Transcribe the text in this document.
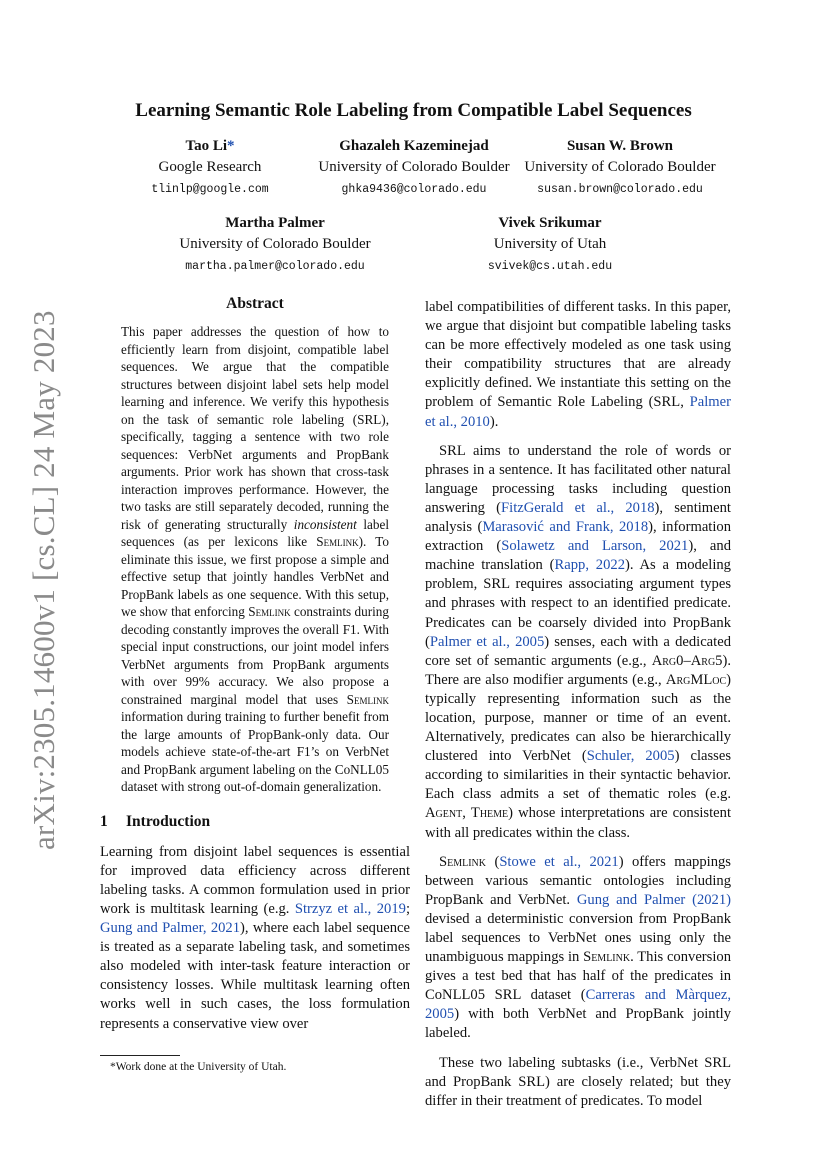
arXiv:2305.14600v1 [cs.CL] 24 May 2023
Learning Semantic Role Labeling from Compatible Label Sequences
Tao Li*
Google Research
tlinlp@google.com
Ghazaleh Kazeminejad
University of Colorado Boulder
ghka9436@colorado.edu
Susan W. Brown
University of Colorado Boulder
susan.brown@colorado.edu
Martha Palmer
University of Colorado Boulder
martha.palmer@colorado.edu
Vivek Srikumar
University of Utah
svivek@cs.utah.edu
Abstract

This paper addresses the question of how to efficiently learn from disjoint, compatible label sequences. We argue that the compatible structures between disjoint label sets help model learning and inference. We verify this hypothesis on the task of semantic role labeling (SRL), specifically, tagging a sentence with two role sequences: VerbNet arguments and PropBank arguments. Prior work has shown that cross-task interaction improves performance. However, the two tasks are still separately decoded, running the risk of generating structurally inconsistent label sequences (as per lexicons like Semlink). To eliminate this issue, we first propose a simple and effective setup that jointly handles VerbNet and PropBank labels as one sequence. With this setup, we show that enforcing Semlink constraints during decoding constantly improves the overall F1. With special input constructions, our joint model infers VerbNet arguments from PropBank arguments with over 99% accuracy. We also propose a constrained marginal model that uses Semlink information during training to further benefit from the large amounts of PropBank-only data. Our models achieve state-of-the-art F1’s on VerbNet and PropBank argument labeling on the CoNLL05 dataset with strong out-of-domain generalization.

1 Introduction

Learning from disjoint label sequences is essential for improved data efficiency across different labeling tasks. A common formulation used in prior work is multitask learning (e.g. Strzyz et al., 2019; Gung and Palmer, 2021), where each label sequence is treated as a separate labeling task, and sometimes also modeled with inter-task feature interaction or consistency losses. While multitask learning often works well in such cases, the loss formulation represents a conservative view over

label compatibilities of different tasks. In this paper, we argue that disjoint but compatible labeling tasks can be more effectively modeled as one task using their compatibility structures that are already explicitly defined. We instantiate this setting on the problem of Semantic Role Labeling (SRL, Palmer et al., 2010).

SRL aims to understand the role of words or phrases in a sentence. It has facilitated other natural language processing tasks including question answering (FitzGerald et al., 2018), sentiment analysis (Marasović and Frank, 2018), information extraction (Solawetz and Larson, 2021), and machine translation (Rapp, 2022). As a modeling problem, SRL requires associating argument types and phrases with respect to an identified predicate. Predicates can be coarsely divided into PropBank (Palmer et al., 2005) senses, each with a dedicated core set of semantic arguments (e.g., Arg0–Arg5). There are also modifier arguments (e.g., ArgMLoc) typically representing information such as the location, purpose, manner or time of an event. Alternatively, predicates can also be hierarchically clustered into VerbNet (Schuler, 2005) classes according to similarities in their syntactic behavior. Each class admits a set of thematic roles (e.g. Agent, Theme) whose interpretations are consistent with all predicates within the class.

Semlink (Stowe et al., 2021) offers mappings between various semantic ontologies including PropBank and VerbNet. Gung and Palmer (2021) devised a deterministic conversion from PropBank label sequences to VerbNet ones using only the unambiguous mappings in Semlink. This conversion gives a test bed that has half of the predicates in CoNLL05 SRL dataset (Carreras and Màrquez, 2005) with both VerbNet and PropBank jointly labeled.

These two labeling subtasks (i.e., VerbNet SRL and PropBank SRL) are closely related; but they differ in their treatment of predicates. To model

*Work done at the University of Utah.
